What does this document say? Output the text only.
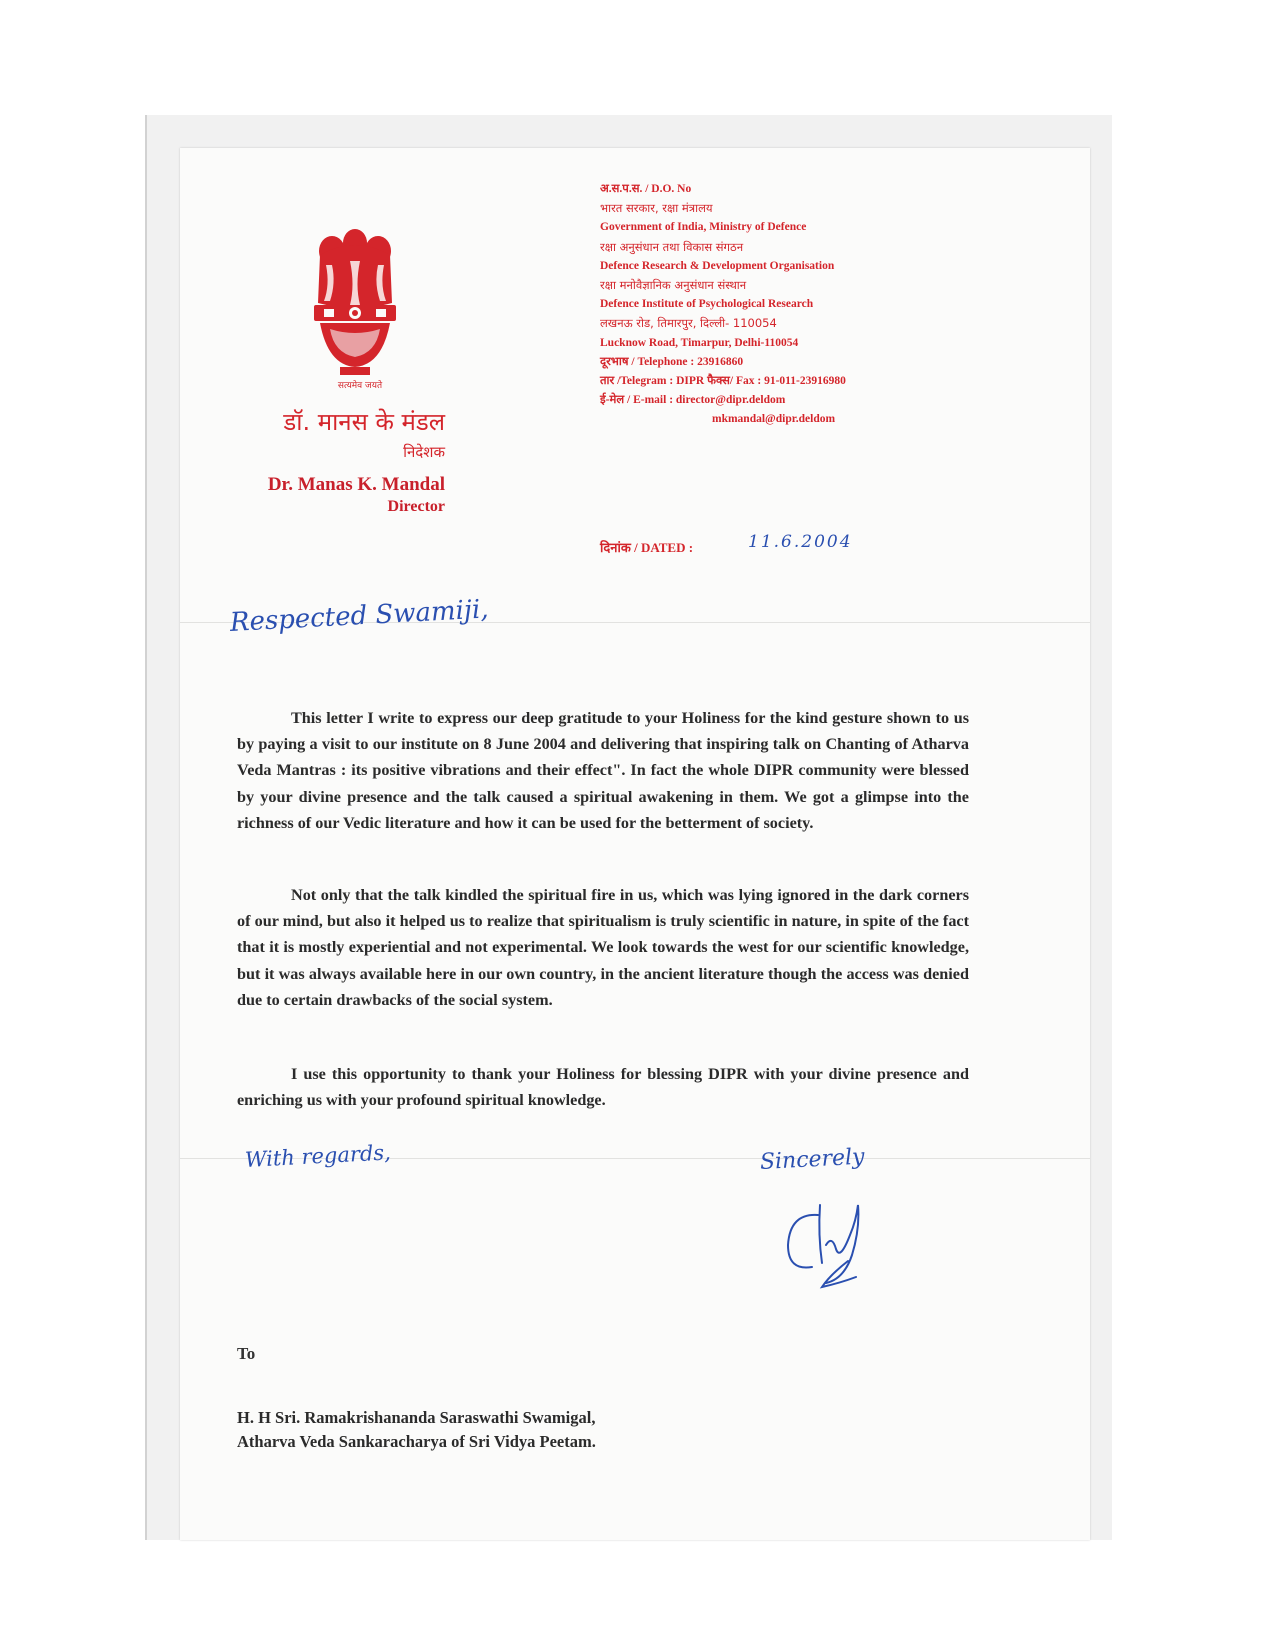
सत्यमेव जयते
डॉ. मानस के मंडल
निदेशक
Dr. Manas K. Mandal
Director
अ.स.प.स. / D.O. No
भारत सरकार, रक्षा मंत्रालय
Government of India, Ministry of Defence
रक्षा अनुसंधान तथा विकास संगठन
Defence Research & Development Organisation
रक्षा मनोवैज्ञानिक अनुसंधान संस्थान
Defence Institute of Psychological Research
लखनऊ रोड, तिमारपुर, दिल्ली- 110054
Lucknow Road, Timarpur, Delhi-110054
दूरभाष / Telephone : 23916860
तार /Telegram : DIPR फैक्स/ Fax : 91-011-23916980
ई-मेल / E-mail : director@dipr.deldom
mkmandal@dipr.deldom
दिनांक / DATED :	11.6.2004
Respected Swamiji,

This letter I write to express our deep gratitude to your Holiness for the kind gesture shown to us by paying a visit to our institute on 8 June 2004 and delivering that inspiring talk on Chanting of Atharva Veda Mantras : its positive vibrations and their effect". In fact the whole DIPR community were blessed by your divine presence and the talk caused a spiritual awakening in them. We got a glimpse into the richness of our Vedic literature and how it can be used for the betterment of society.

Not only that the talk kindled the spiritual fire in us, which was lying ignored in the dark corners of our mind, but also it helped us to realize that spiritualism is truly scientific in nature, in spite of the fact that it is mostly experiential and not experimental. We look towards the west for our scientific knowledge, but it was always available here in our own country, in the ancient literature though the access was denied due to certain drawbacks of the social system.

I use this opportunity to thank your Holiness for blessing DIPR with your divine presence and enriching us with your profound spiritual knowledge.

With regards,	Sincerely
To
H. H Sri. Ramakrishananda Saraswathi Swamigal,
Atharva Veda Sankaracharya of Sri Vidya Peetam.
